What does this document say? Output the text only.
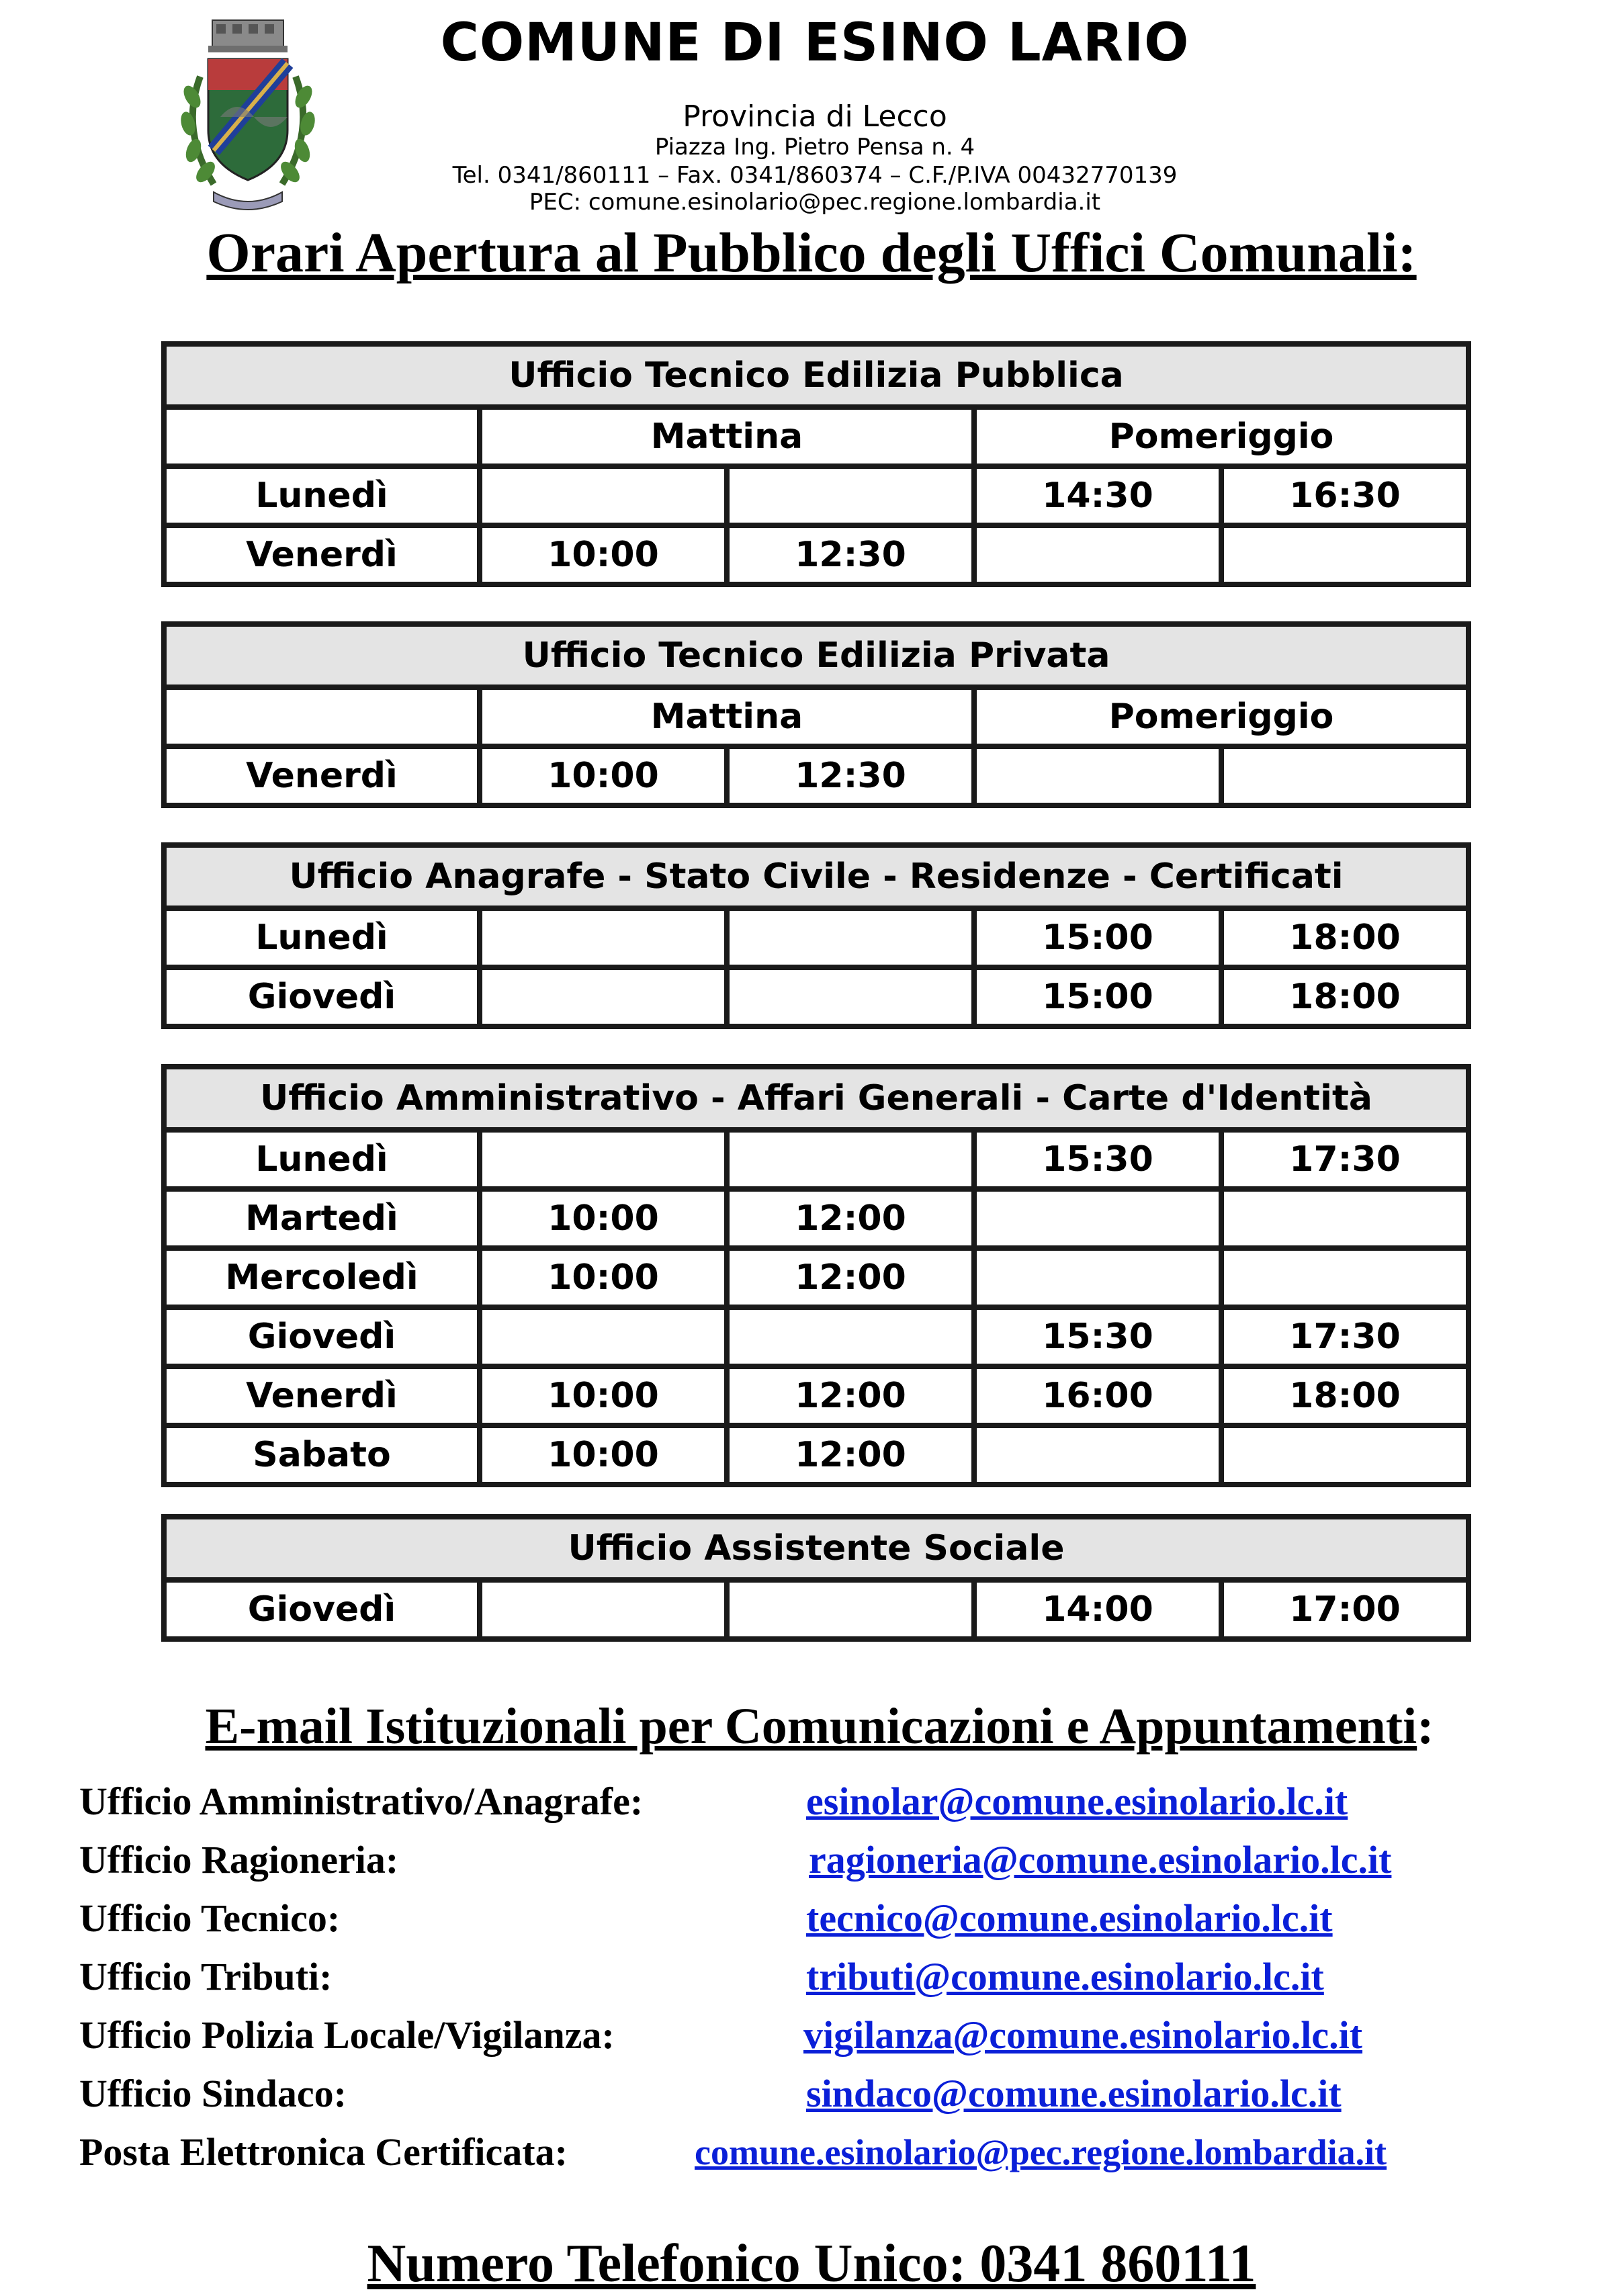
COMUNE DI ESINO LARIO
Provincia di Lecco
Piazza Ing. Pietro Pensa n. 4
Tel. 0341/860111 – Fax. 0341/860374 – C.F./P.IVA 00432770139
PEC: comune.esinolario@pec.regione.lombardia.it
Orari Apertura al Pubblico degli Uffici Comunali:
Ufficio Tecnico Edilizia Pubblica				
	Mattina		Pomeriggio	
Lunedì			14:30	16:30
Venerdì	10:00	12:30		
Ufficio Tecnico Edilizia Privata				
	Mattina		Pomeriggio	
Venerdì	10:00	12:30		
Ufficio Anagrafe - Stato Civile - Residenze - Certificati				
Lunedì			15:00	18:00
Giovedì			15:00	18:00
Ufficio Amministrativo - Affari Generali - Carte d'Identità				
Lunedì			15:30	17:30
Martedì	10:00	12:00		
Mercoledì	10:00	12:00		
Giovedì			15:30	17:30
Venerdì	10:00	12:00	16:00	18:00
Sabato	10:00	12:00		
Ufficio Assistente Sociale
Giovedì			14:00	17:00
E-mail Istituzionali per Comunicazioni e Appuntamenti:
Ufficio Amministrativo/Anagrafe:	esinolar@comune.esinolario.lc.it
Ufficio Ragioneria:	ragioneria@comune.esinolario.lc.it
Ufficio Tecnico:	tecnico@comune.esinolario.lc.it
Ufficio Tributi:	tributi@comune.esinolario.lc.it
Ufficio Polizia Locale/Vigilanza:	vigilanza@comune.esinolario.lc.it
Ufficio Sindaco:	sindaco@comune.esinolario.lc.it
Posta Elettronica Certificata:	comune.esinolario@pec.regione.lombardia.it
Numero Telefonico Unico: 0341 860111
